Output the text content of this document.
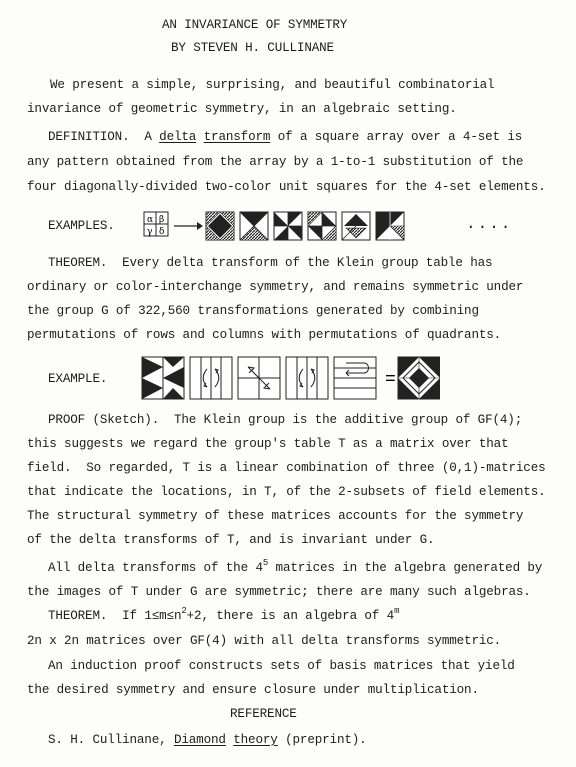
AN INVARIANCE OF SYMMETRY
BY STEVEN H. CULLINANE
We present a simple, surprising, and beautiful combinatorial
invariance of geometric symmetry, in an algebraic setting.
DEFINITION. A delta transform of a square array over a 4-set is
any pattern obtained from the array by a 1-to-1 substitution of the
four diagonally-divided two-color unit squares for the 4-set elements.
EXAMPLES.	α β
γ δ	....
THEOREM. Every delta transform of the Klein group table has
ordinary or color-interchange symmetry, and remains symmetric under
the group G of 322,560 transformations generated by combining
permutations of rows and columns with permutations of quadrants.
EXAMPLE.	=
PROOF (Sketch). The Klein group is the additive group of GF(4);
this suggests we regard the group's table T as a matrix over that
field.  So regarded, T is a linear combination of three (0,1)-matrices
that indicate the locations, in T, of the 2-subsets of field elements.
The structural symmetry of these matrices accounts for the symmetry
of the delta transforms of T, and is invariant under G.
All delta transforms of the $4^5$ matrices in the algebra generated by
the images of T under G are symmetric; there are many such algebras.
THEOREM. If $1\le m\le n^2+2$, there is an algebra of 4$^m$
2n x 2n matrices over GF(4) with all delta transforms symmetric.
An induction proof constructs sets of basis matrices that yield
the desired symmetry and ensure closure under multiplication.
REFERENCE
S. H. Cullinane, Diamond theory (preprint).
